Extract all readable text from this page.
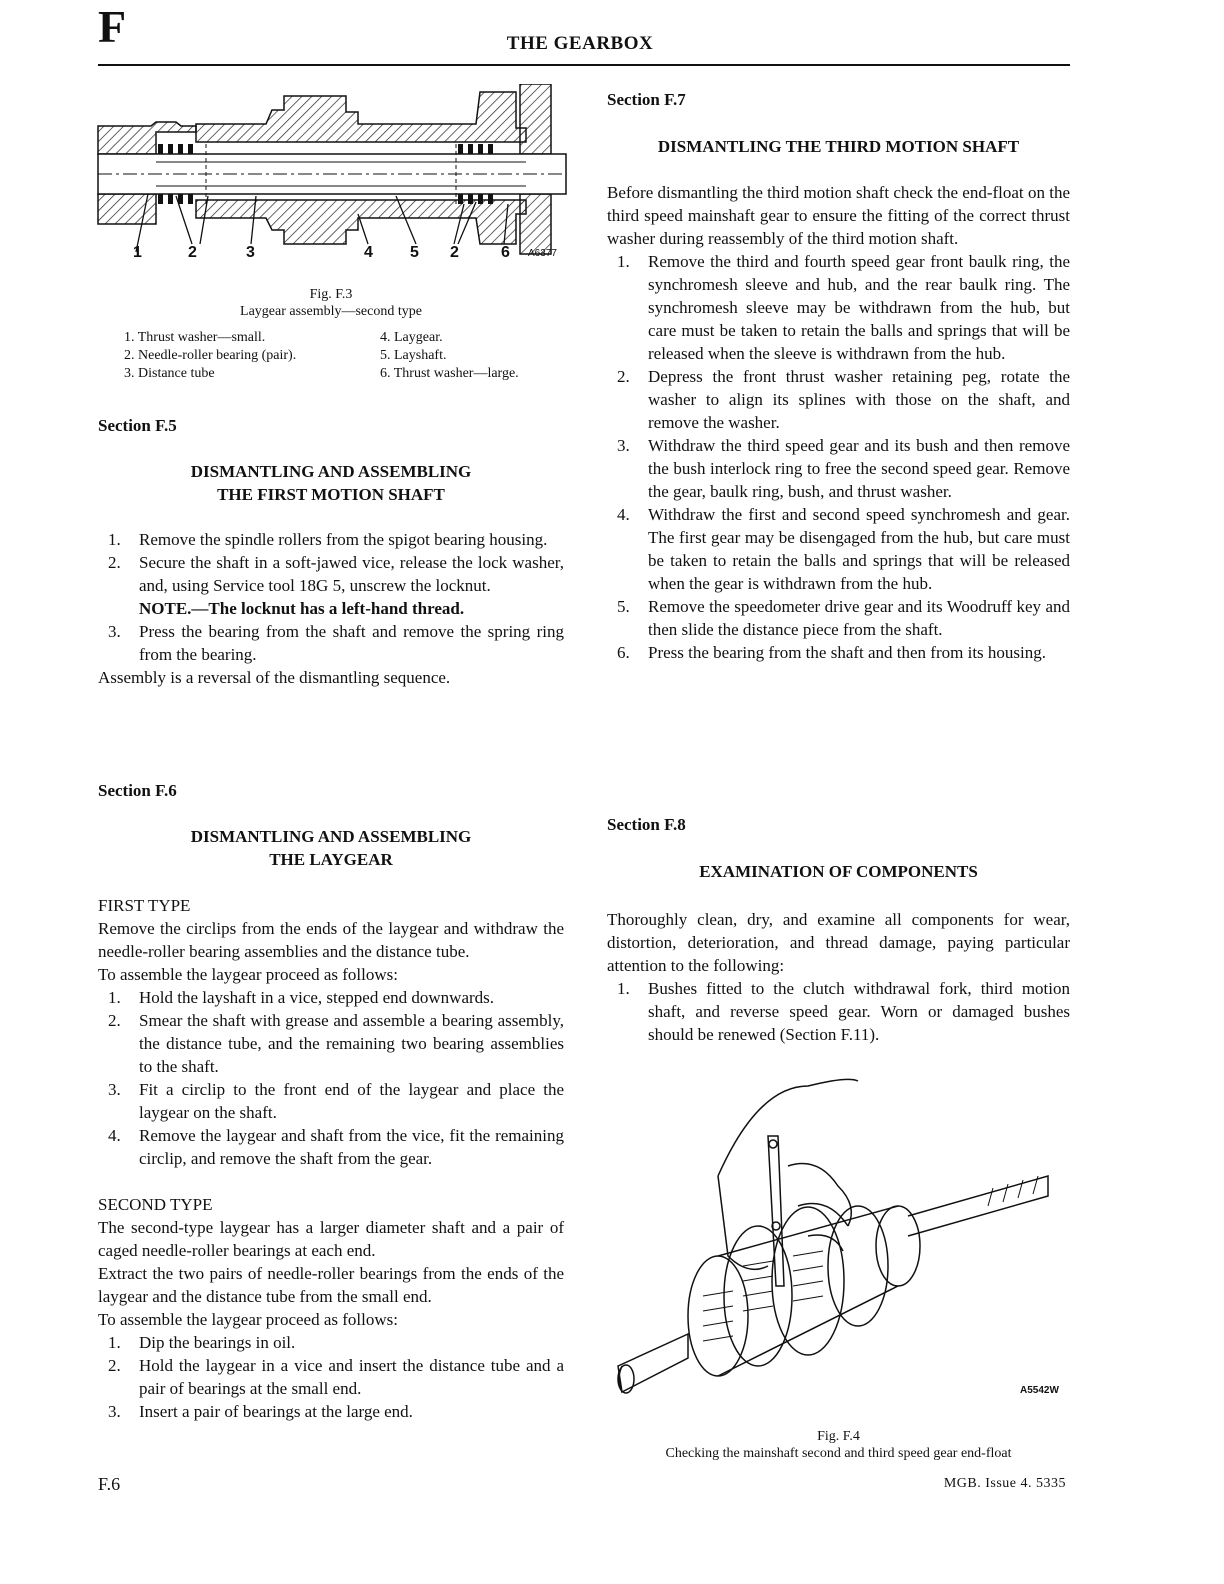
F	THE GEARBOX
1	2	3	4 5 2	6 A6377
Fig. F.3
Laygear assembly—second type
1. Thrust washer—small.
2. Needle-roller bearing (pair).
3. Distance tube
4. Laygear.
5. Layshaft.
6. Thrust washer—large.
Section F.5
DISMANTLING AND ASSEMBLING
THE FIRST MOTION SHAFT
1. Remove the spindle rollers from the spigot bearing housing.
2. Secure the shaft in a soft-jawed vice, release the lock washer, and, using Service tool 18G 5, unscrew the locknut.
NOTE.—The locknut has a left-hand thread.
3. Press the bearing from the shaft and remove the spring ring from the bearing.
Assembly is a reversal of the dismantling sequence.
Section F.6
DISMANTLING AND ASSEMBLING
THE LAYGEAR
FIRST TYPE
Remove the circlips from the ends of the laygear and withdraw the needle-roller bearing assemblies and the distance tube.
To assemble the laygear proceed as follows:
1. Hold the layshaft in a vice, stepped end downwards.
2. Smear the shaft with grease and assemble a bearing assembly, the distance tube, and the remaining two bearing assemblies to the shaft.
3. Fit a circlip to the front end of the laygear and place the laygear on the shaft.
4. Remove the laygear and shaft from the vice, fit the remaining circlip, and remove the shaft from the gear.
SECOND TYPE
The second-type laygear has a larger diameter shaft and a pair of caged needle-roller bearings at each end.
Extract the two pairs of needle-roller bearings from the ends of the laygear and the distance tube from the small end.
To assemble the laygear proceed as follows:
1. Dip the bearings in oil.
2. Hold the laygear in a vice and insert the distance tube and a pair of bearings at the small end.
3. Insert a pair of bearings at the large end.
Section F.7
DISMANTLING THE THIRD MOTION SHAFT
Before dismantling the third motion shaft check the end-float on the third speed mainshaft gear to ensure the fitting of the correct thrust washer during reassembly of the third motion shaft.
1. Remove the third and fourth speed gear front baulk ring, the synchromesh sleeve and hub, and the rear baulk ring. The synchromesh sleeve may be withdrawn from the hub, but care must be taken to retain the balls and springs that will be released when the sleeve is withdrawn from the hub.
2. Depress the front thrust washer retaining peg, rotate the washer to align its splines with those on the shaft, and remove the washer.
3. Withdraw the third speed gear and its bush and then remove the bush interlock ring to free the second speed gear. Remove the gear, baulk ring, bush, and thrust washer.
4. Withdraw the first and second speed synchromesh and gear. The first gear may be disengaged from the hub, but care must be taken to retain the balls and springs that will be released when the gear is withdrawn from the hub.
5. Remove the speedometer drive gear and its Woodruff key and then slide the distance piece from the shaft.
6. Press the bearing from the shaft and then from its housing.
Section F.8
EXAMINATION OF COMPONENTS
Thoroughly clean, dry, and examine all components for wear, distortion, deterioration, and thread damage, paying particular attention to the following:
1. Bushes fitted to the clutch withdrawal fork, third motion shaft, and reverse speed gear. Worn or damaged bushes should be renewed (Section F.11).
A5542W
Fig. F.4
Checking the mainshaft second and third speed gear end-float
F.6	MGB. Issue 4. 5335
